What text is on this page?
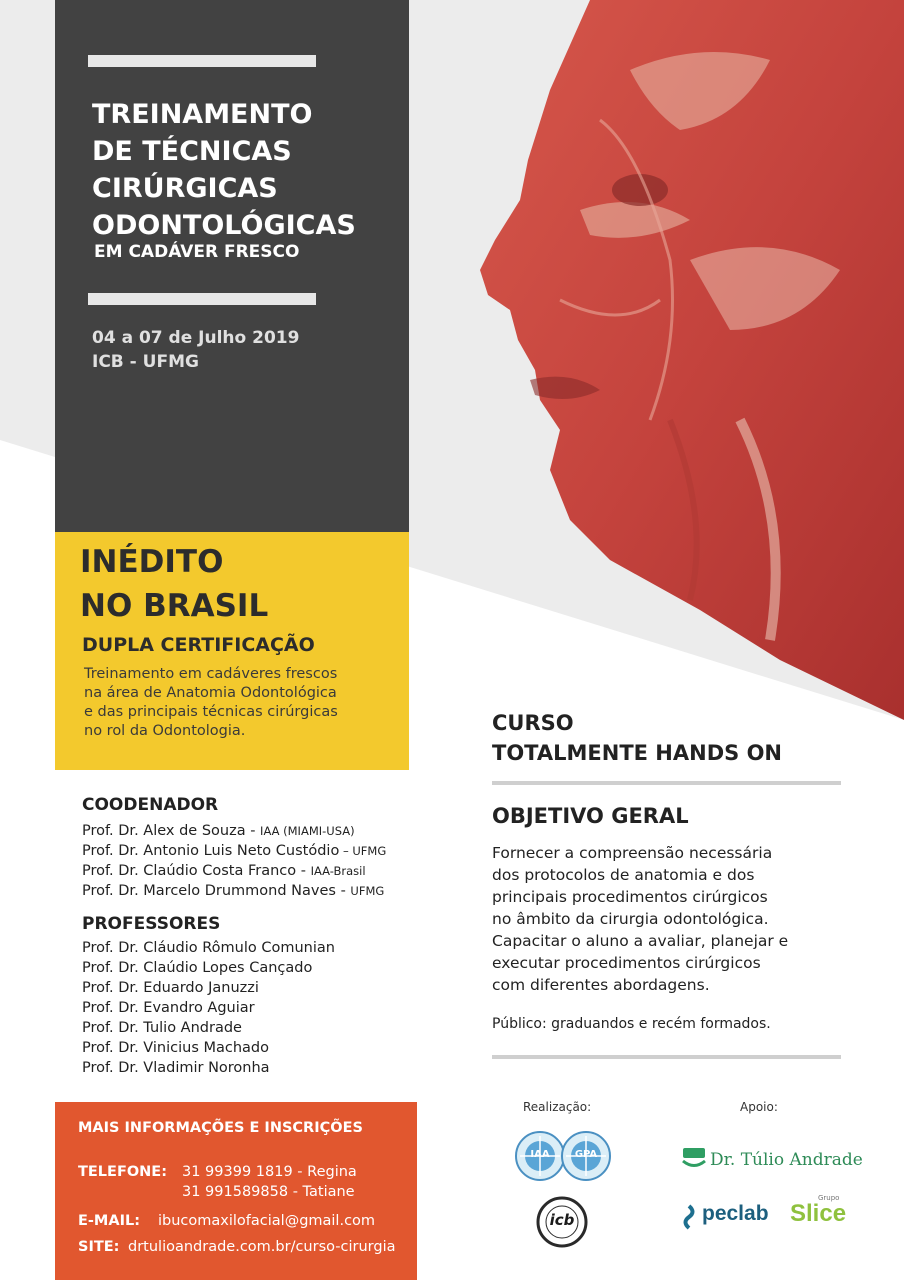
TREINAMENTO
DE TÉCNICAS
CIRÚRGICAS
ODONTOLÓGICAS
EM CADÁVER FRESCO
04 a 07 de Julho 2019
ICB - UFMG
INÉDITO
NO BRASIL
DUPLA CERTIFICAÇÃO
Treinamento em cadáveres frescos
na área de Anatomia Odontológica
e das principais técnicas cirúrgicas
no rol da Odontologia.	CURSO
TOTALMENTE HANDS ON
OBJETIVO GERAL
Fornecer a compreensão necessária
dos protocolos de anatomia e dos
principais procedimentos cirúrgicos
no âmbito da cirurgia odontológica.
Capacitar o aluno a avaliar, planejar e
executar procedimentos cirúrgicos
com diferentes abordagens.
Público: graduandos e recém formados.
COODENADOR
Prof. Dr. Alex de Souza - IAA (MIAMI-USA)
Prof. Dr. Antonio Luis Neto Custódio – UFMG
Prof. Dr. Claúdio Costa Franco - IAA-Brasil
Prof. Dr. Marcelo Drummond Naves - UFMG
PROFESSORES
Prof. Dr. Cláudio Rômulo Comunian
Prof. Dr. Claúdio Lopes Cançado
Prof. Dr. Eduardo Januzzi
Prof. Dr. Evandro Aguiar
Prof. Dr. Tulio Andrade
Prof. Dr. Vinicius Machado
Prof. Dr. Vladimir Noronha
MAIS INFORMAÇÕES E INSCRIÇÕES
TELEFONE: 31 99399 1819 - Regina
31 991589858 - Tatiane
E-MAIL: ibucomaxilofacial@gmail.com
SITE: drtulioandrade.com.br/curso-cirurgia
Realização:	Apoio:
IAA	GPA
icb
Dr. Túlio Andrade
peclab
Grupo
Slice
